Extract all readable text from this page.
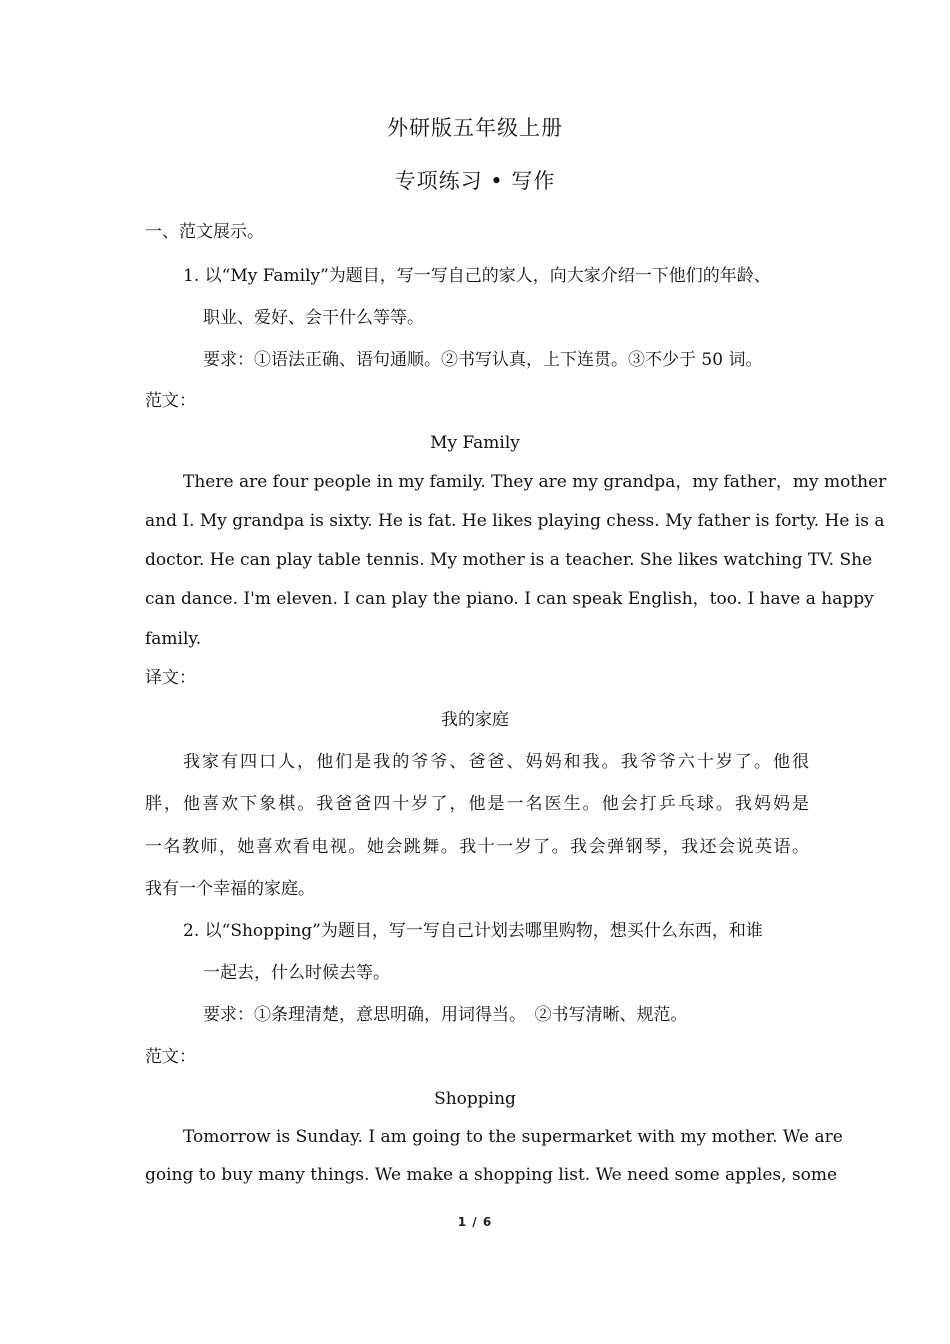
外研版五年级上册
专项练习 • 写作
一、范文展示。
1. 以“My Family”为题目，写一写自己的家人，向大家介绍一下他们的年龄、
职业、爱好、会干什么等等。
要求：①语法正确、语句通顺。②书写认真，上下连贯。③不少于 50 词。
范文：
My Family
There are four people in my family. They are my grandpa，my father，my mother
and I. My grandpa is sixty. He is fat. He likes playing chess. My father is forty. He is a
doctor. He can play table tennis. My mother is a teacher. She likes watching TV. She
can dance. I'm eleven. I can play the piano. I can speak English，too. I have a happy
family.
译文：
我的家庭
我家有四口人，他们是我的爷爷、爸爸、妈妈和我。我爷爷六十岁了。他很
胖，他喜欢下象棋。我爸爸四十岁了，他是一名医生。他会打乒乓球。我妈妈是
一名教师，她喜欢看电视。她会跳舞。我十一岁了。我会弹钢琴，我还会说英语。
我有一个幸福的家庭。
2. 以“Shopping”为题目，写一写自己计划去哪里购物，想买什么东西，和谁
一起去，什么时候去等。
要求：①条理清楚，意思明确，用词得当。　②书写清晰、规范。
范文：
Shopping
Tomorrow is Sunday. I am going to the supermarket with my mother. We are
going to buy many things. We make a shopping list. We need some apples, some
1 / 6
